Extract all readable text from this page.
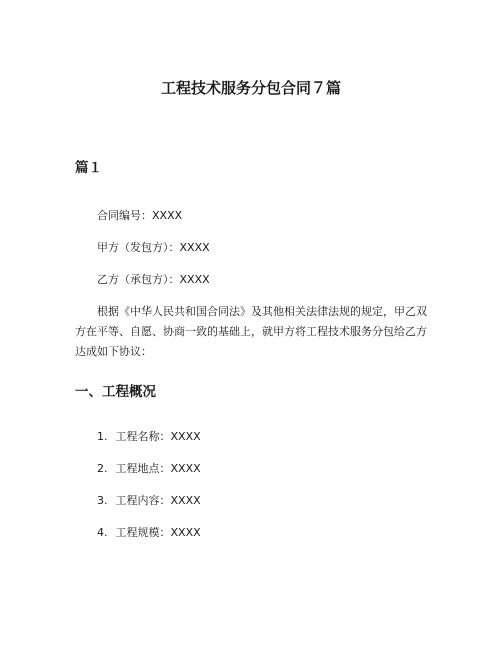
工程技术服务分包合同７篇
篇１
合同编号：XXXX
甲方（发包方）：XXXX
乙方（承包方）：XXXX
根据《中华人民共和国合同法》及其他相关法律法规的规定，甲乙双方在平等、自愿、协商一致的基础上，就甲方将工程技术服务分包给乙方达成如下协议：
一、工程概况
1. 工程名称：XXXX
2. 工程地点：XXXX
3. 工程内容：XXXX
4. 工程规模：XXXX
